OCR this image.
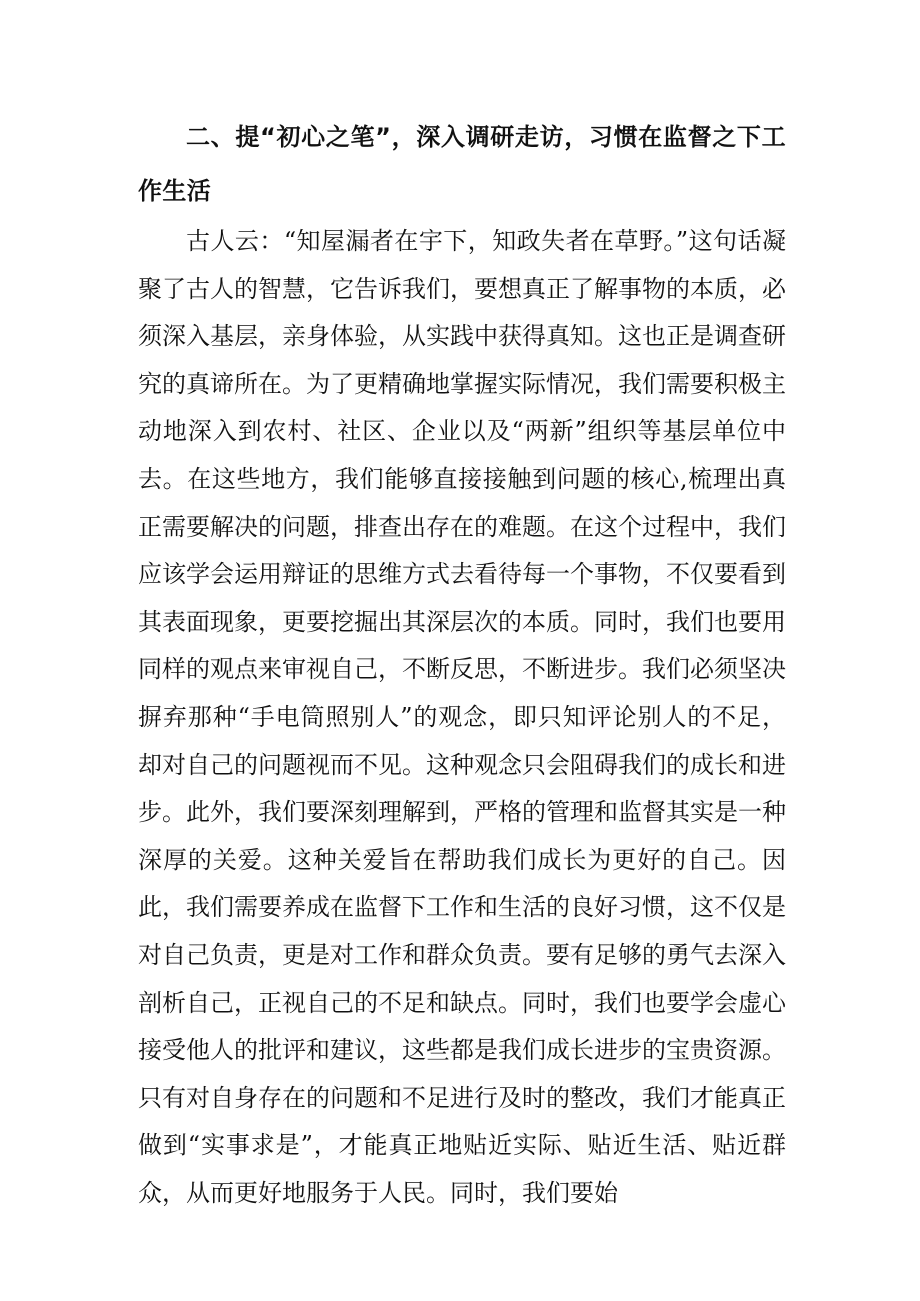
二、提“初心之笔”，深入调研走访，习惯在监督之下工作生活

古人云：“知屋漏者在宇下，知政失者在草野。”这句话凝聚了古人的智慧，它告诉我们，要想真正了解事物的本质，必须深入基层，亲身体验，从实践中获得真知。这也正是调查研究的真谛所在。为了更精确地掌握实际情况，我们需要积极主动地深入到农村、社区、企业以及“两新”组织等基层单位中去。在这些地方，我们能够直接接触到问题的核心,梳理出真正需要解决的问题，排查出存在的难题。在这个过程中，我们应该学会运用辩证的思维方式去看待每一个事物，不仅要看到其表面现象，更要挖掘出其深层次的本质。同时，我们也要用同样的观点来审视自己，不断反思，不断进步。我们必须坚决摒弃那种“手电筒照别人”的观念，即只知评论别人的不足，却对自己的问题视而不见。这种观念只会阻碍我们的成长和进步。此外，我们要深刻理解到，严格的管理和监督其实是一种深厚的关爱。这种关爱旨在帮助我们成长为更好的自己。因此，我们需要养成在监督下工作和生活的良好习惯，这不仅是对自己负责，更是对工作和群众负责。要有足够的勇气去深入剖析自己，正视自己的不足和缺点。同时，我们也要学会虚心接受他人的批评和建议，这些都是我们成长进步的宝贵资源。只有对自身存在的问题和不足进行及时的整改，我们才能真正做到“实事求是”，才能真正地贴近实际、贴近生活、贴近群众，从而更好地服务于人民。同时，我们要始
